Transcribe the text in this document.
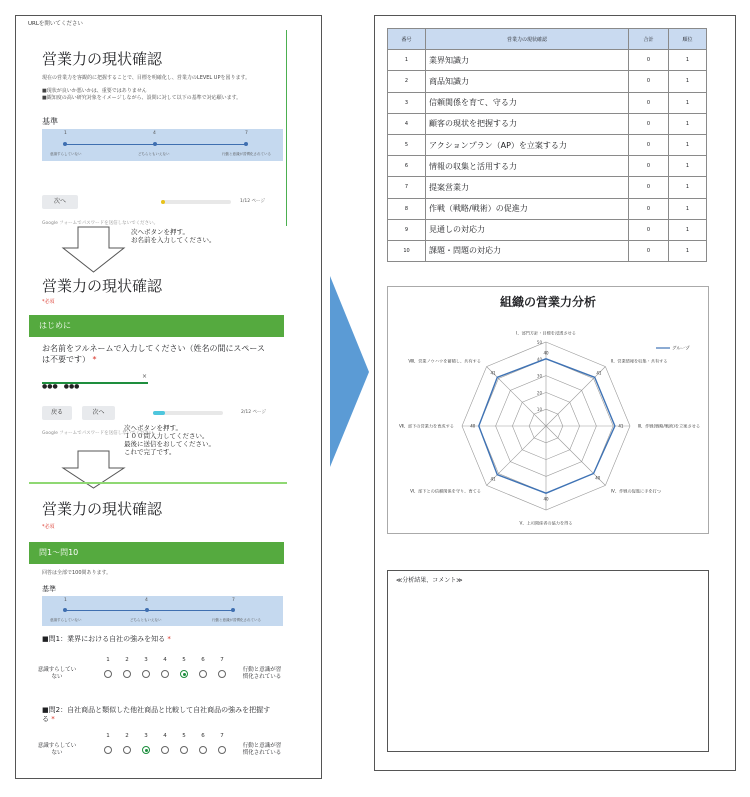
URLを開いてください
営業力の現状確認
現在の営業力を客観的に把握することで、目標を明確化し、営業力のLEVEL UPを図ります。
■現状が良いか悪いかは、重要ではありません
■観知度の高い研究対象をイメージしながら、設問に対して以下の基準で対応願います。
基準
1	4	7
意識すらしていない	どちらともいえない	行動と意識が習慣化されている
次へ	1/12 ページ
Google フォームでパスワードを送信しないでください。
次へボタンを押す。
お名前を入力してください。
営業力の現状確認
*必須
はじめに
お名前をフルネームで入力してください（姓名の間にスペースは不要です） *
●●●　●●●
×
戻る	次へ	2/12 ページ
Google フォームでパスワードを送信しないでください。
次へボタンを押す。
１００問入力してください。
最後に送信をおしてください。
これで完了です。
営業力の現状確認
*必須
問1～問10
回答は全部で100問あります。
基準
1	4	7
意識すらしていない	どちらともいえない	行動と意識が習慣化されている
■問1：業界における自社の強みを知る *
■問2：自社商品と類似した他社商品と比較して自社商品の強みを把握する *
1	2	3	4	5	6	7
意識すらしていない
行動と意識が習慣化されている
1	2	3	4	5	6	7
意識すらしていない
行動と意識が習慣化されている
番号	営業力の現状確認	合計	順位
1	業界知識力	0	1
2	商品知識力	0	1
3	信頼関係を育て、守る力	0	1
4	顧客の現状を把握する力	0	1
5	アクションプラン（AP）を立案する力	0	1
6	情報の収集と活用する力	0	1
7	提案営業力	0	1
8	作戦（戦略/戦術）の促進力	0	1
9	見通しの対応力	0	1
10	課題・問題の対応力	0	1
組織の営業力分析
50
40
30
20
10
40
41
41
40
40
41
40
41
Ⅰ、部門方針・目標を浸透させる
Ⅱ、営業情報を収集・共有する
Ⅲ、作戦(戦略/戦術)を立案させる
Ⅳ、作戦の促進に手を打つ
Ⅴ、上司関係者の協力を得る
Ⅵ、部下との信頼関係を守り、育てる
Ⅶ、部下の営業力を育成する
Ⅷ、営業ノウハウを蓄積し、共有する
グループ
≪分析結果、コメント≫
